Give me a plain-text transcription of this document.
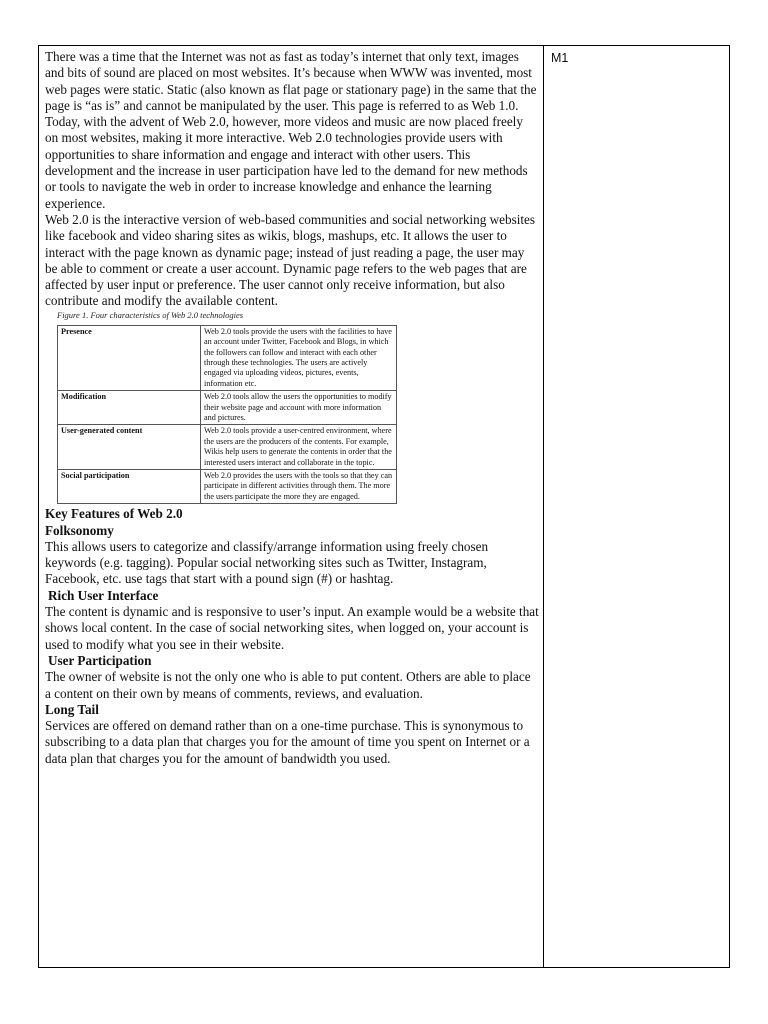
There was a time that the Internet was not as fast as today’s internet that only text, images and bits of sound are placed on most websites. It’s because when WWW was invented, most web pages were static. Static (also known as flat page or stationary page) in the same that the page is “as is” and cannot be manipulated by the user. This page is referred to as Web 1.0. Today, with the advent of Web 2.0, however, more videos and music are now placed freely on most websites, making it more interactive. Web 2.0 technologies provide users with opportunities to share information and engage and interact with other users. This development and the increase in user participation have led to the demand for new methods or tools to navigate the web in order to increase knowledge and enhance the learning experience.

Web 2.0 is the interactive version of web-based communities and social networking websites like facebook and video sharing sites as wikis, blogs, mashups, etc. It allows the user to interact with the page known as dynamic page; instead of just reading a page, the user may be able to comment or create a user account. Dynamic page refers to the web pages that are affected by user input or preference. The user cannot only receive information, but also contribute and modify the available content.

Figure 1. Four characteristics of Web 2.0 technologies
Presence	Web 2.0 tools provide the users with the facilities to have an account under Twitter, Facebook and Blogs, in which the followers can follow and interact with each other through these technologies. The users are actively engaged via uploading videos, pictures, events, information etc.
Modification	Web 2.0 tools allow the users the opportunities to modify their website page and account with more information and pictures.
User-generated content	Web 2.0 tools provide a user-centred environment, where the users are the producers of the contents. For example, Wikis help users to generate the contents in order that the interested users interact and collaborate in the topic.
Social participation	Web 2.0 provides the users with the tools so that they can participate in different activities through them. The more the users participate the more they are engaged.

Key Features of Web 2.0

Folksonomy

This allows users to categorize and classify/arrange information using freely chosen keywords (e.g. tagging). Popular social networking sites such as Twitter, Instagram, Facebook, etc. use tags that start with a pound sign (#) or hashtag.

Rich User Interface

The content is dynamic and is responsive to user’s input. An example would be a website that shows local content. In the case of social networking sites, when logged on, your account is used to modify what you see in their website.

User Participation

The owner of website is not the only one who is able to put content. Others are able to place a content on their own by means of comments, reviews, and evaluation.

Long Tail

Services are offered on demand rather than on a one-time purchase. This is synonymous to subscribing to a data plan that charges you for the amount of time you spent on Internet or a data plan that charges you for the amount of bandwidth you used.

M1
